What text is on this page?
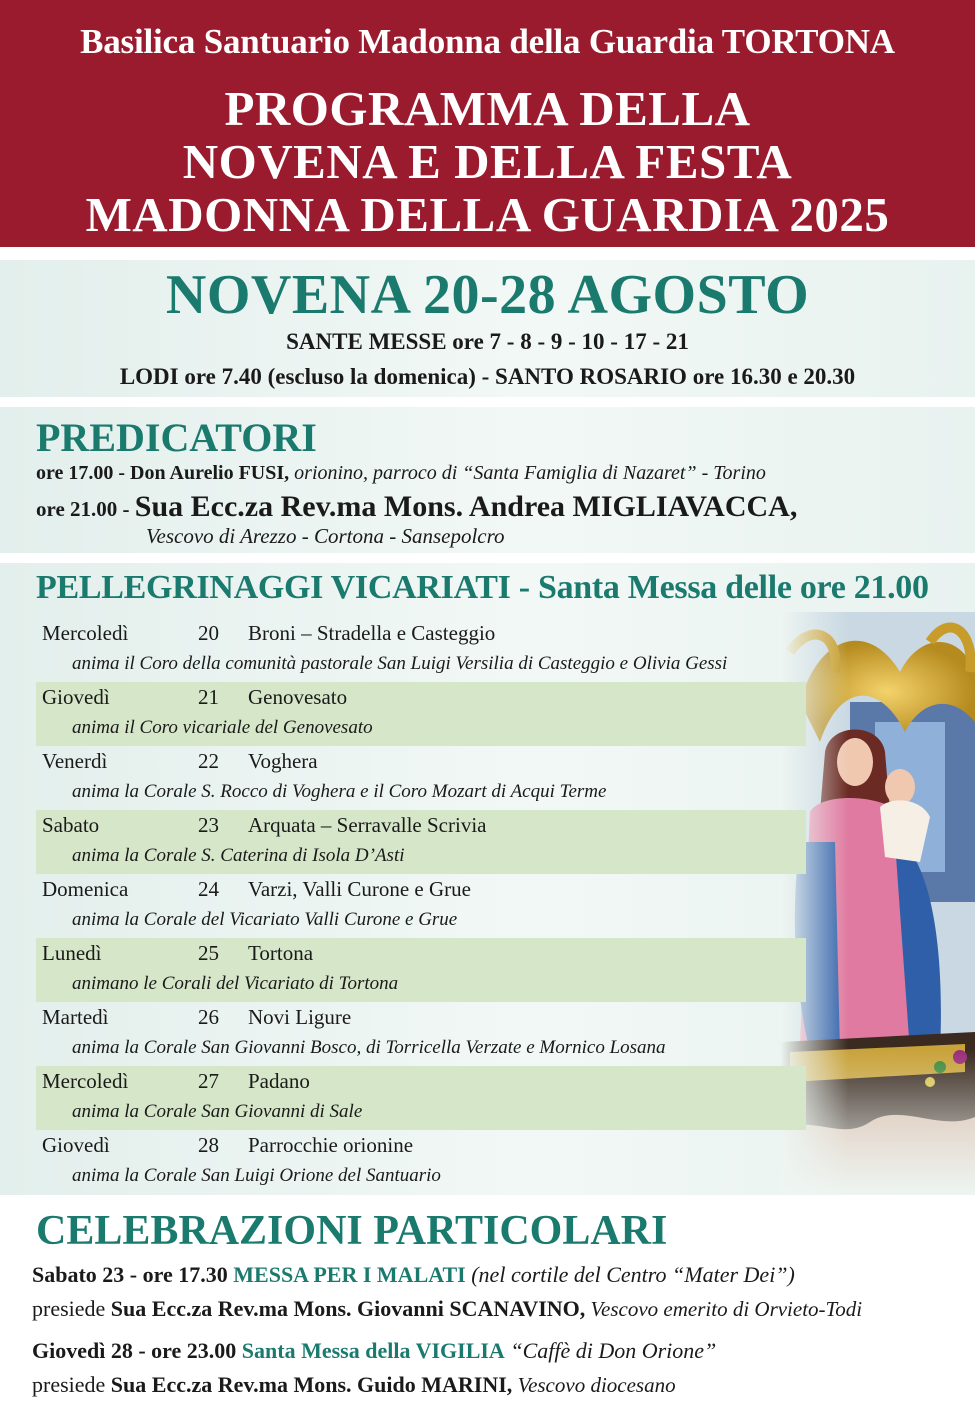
Basilica Santuario Madonna della Guardia TORTONA
PROGRAMMA DELLA
NOVENA E DELLA FESTA
MADONNA DELLA GUARDIA 2025
NOVENA 20-28 AGOSTO
SANTE MESSE ore 7 - 8 - 9 - 10 - 17 - 21
LODI ore 7.40 (escluso la domenica) - SANTO ROSARIO ore 16.30 e 20.30
PREDICATORI
ore 17.00 - Don Aurelio FUSI, orionino, parroco di “Santa Famiglia di Nazaret” - Torino
ore 21.00 - Sua Ecc.za Rev.ma Mons. Andrea MIGLIAVACCA,
Vescovo di Arezzo - Cortona - Sansepolcro
PELLEGRINAGGI VICARIATI - Santa Messa delle ore 21.00
Mercoledì	20 Broni – Stradella e Casteggio
anima il Coro della comunità pastorale San Luigi Versilia di Casteggio e Olivia Gessi
Giovedì	21 Genovesato
anima il Coro vicariale del Genovesato
Venerdì	22 Voghera
anima la Corale S. Rocco di Voghera e il Coro Mozart di Acqui Terme
Sabato	23 Arquata – Serravalle Scrivia
anima la Corale S. Caterina di Isola D’Asti
Domenica	24 Varzi, Valli Curone e Grue
anima la Corale del Vicariato Valli Curone e Grue
Lunedì	25 Tortona
animano le Corali del Vicariato di Tortona
Martedì	26 Novi Ligure
anima la Corale San Giovanni Bosco, di Torricella Verzate e Mornico Losana
Mercoledì	27 Padano
anima la Corale San Giovanni di Sale
Giovedì	28 Parrocchie orionine
anima la Corale San Luigi Orione del Santuario
CELEBRAZIONI PARTICOLARI
Sabato 23 - ore 17.30 MESSA PER I MALATI (nel cortile del Centro “Mater Dei”)
presiede Sua Ecc.za Rev.ma Mons. Giovanni SCANAVINO, Vescovo emerito di Orvieto-Todi
Giovedì 28 - ore 23.00 Santa Messa della VIGILIA “Caffè di Don Orione”
presiede Sua Ecc.za Rev.ma Mons. Guido MARINI, Vescovo diocesano
